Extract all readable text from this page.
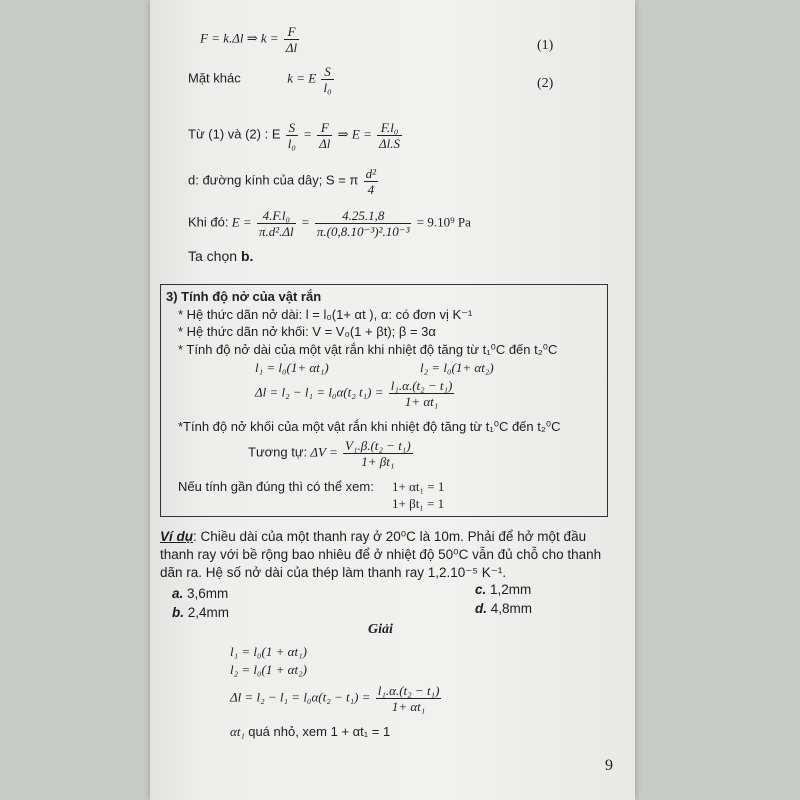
F = k.Δl ⇒ $k = \frac{F}{\Delta l}$	(1)
Mặt khác	k = E $\frac{S}{\text{l₀}}$	(2)
Từ (1) và (2) : E $\frac{S}{\text{l₀}} = \frac{F}{\Delta l}$ ⇒ $E = \frac{\text{F.l₀}}{\Delta l.S}$
d: đường kính của dây; S = π $\frac{\text{d²}}{4}$
Khi đó: $E = \frac{\text{4.F.l₀}}{\text{π.d².Δl}} = \frac{4.25.1,8}{\text{π.(0,8.10⁻³)².10⁻³}} = 9.10^9$ Pa
Ta chọn b.
3) Tính độ nở của vật rắn
* Hệ thức dãn nở dài: l = l₀(1+ αt ), α: có đơn vị K⁻¹
* Hệ thức dãn nở khối: V = V₀(1 + βt); β = 3α
* Tính độ nở dài của một vật rắn khi nhiệt độ tăng từ t₁⁰C đến t₂⁰C
l₁ = l₀(1+ αt₁)	l₂ = l₀(1+ αt₂)
Δl = l₂ − l₁ = l₀α(t₂ $t_1) = \frac{\text{l₁.α.(t₂ − t₁)}}{\text{1+ αt₁}}$
*Tính độ nở khối của một vật rắn khi nhiệt độ tăng từ t₁⁰C đến t₂⁰C
Tương tự: $\Delta V = \frac{\text{V₁.β.(t₂ − t₁)}}{\text{1+ βt₁}}$
Nếu tính gần đúng thì có thể xem: 1+ αt₁ = 1
1+ βt₁ = 1
Ví dụ: Chiều dài của một thanh ray ở 20⁰C là 10m. Phải để hở một đầu
thanh ray với bề rộng bao nhiêu để ở nhiệt độ 50⁰C vẫn đủ chỗ cho thanh
dãn ra. Hệ số nở dài của thép làm thanh ray 1,2.10⁻⁵ K⁻¹.
a. 3,6mm
b. 2,4mm
c. 1,2mm
d. 4,8mm
Giải
l₁ = l₀(1 + αt₁)
l₂ = l₀(1 + αt₂)
$\Delta l = l_2 - l_1 = l_0\alpha(t_2 - t_1) = \frac{\text{l₁.α.(t₂ − t₁)}}{\text{1+ αt₁}}$
αt₁ quá nhỏ, xem 1 + αt₁ = 1
9
